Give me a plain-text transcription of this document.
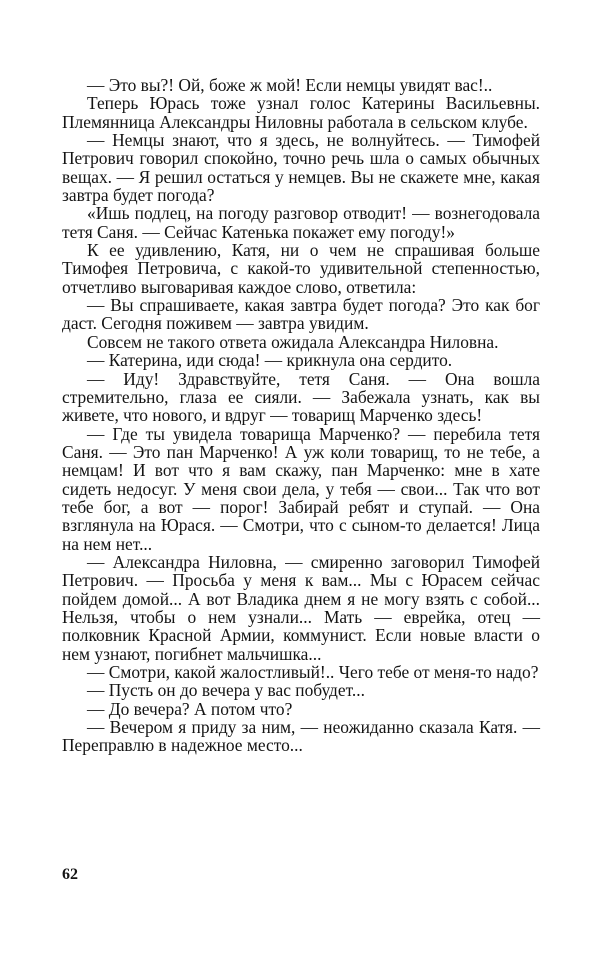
— Это вы?! Ой, боже ж мой! Если немцы увидят вас!..

Теперь Юрась тоже узнал голос Катерины Васильевны. Племянница Александры Ниловны работала в сельском клубе.

— Немцы знают, что я здесь, не волнуйтесь. — Тимофей Петрович говорил спокойно, точно речь шла о самых обычных вещах. — Я решил остаться у немцев. Вы не скажете мне, какая завтра будет погода?

«Ишь подлец, на погоду разговор отводит! — вознегодовала тетя Саня. — Сейчас Катенька покажет ему погоду!»

К ее удивлению, Катя, ни о чем не спрашивая больше Тимофея Петровича, с какой-то удивительной степенностью, отчетливо выговаривая каждое слово, ответила:

— Вы спрашиваете, какая завтра будет погода? Это как бог даст. Сегодня поживем — завтра увидим.

Совсем не такого ответа ожидала Александра Ниловна.

— Катерина, иди сюда! — крикнула она сердито.

— Иду! Здравствуйте, тетя Саня. — Она вошла стремительно, глаза ее сияли. — Забежала узнать, как вы живете, что нового, и вдруг — товарищ Марченко здесь!

— Где ты увидела товарища Марченко? — перебила тетя Саня. — Это пан Марченко! А уж коли товарищ, то не тебе, а немцам! И вот что я вам скажу, пан Марченко: мне в хате сидеть недосуг. У меня свои дела, у тебя — свои... Так что вот тебе бог, а вот — порог! Забирай ребят и ступай. — Она взглянула на Юрася. — Смотри, что с сыном-то делается! Лица на нем нет...

— Александра Ниловна, — смиренно заговорил Тимофей Петрович. — Просьба у меня к вам... Мы с Юрасем сейчас пойдем домой... А вот Владика днем я не могу взять с собой... Нельзя, чтобы о нем узнали... Мать — еврейка, отец — полковник Красной Армии, коммунист. Если новые власти о нем узнают, погибнет мальчишка...

— Смотри, какой жалостливый!.. Чего тебе от меня-то надо?

— Пусть он до вечера у вас побудет...

— До вечера? А потом что?

— Вечером я приду за ним, — неожиданно сказала Катя. — Переправлю в надежное место...

62
